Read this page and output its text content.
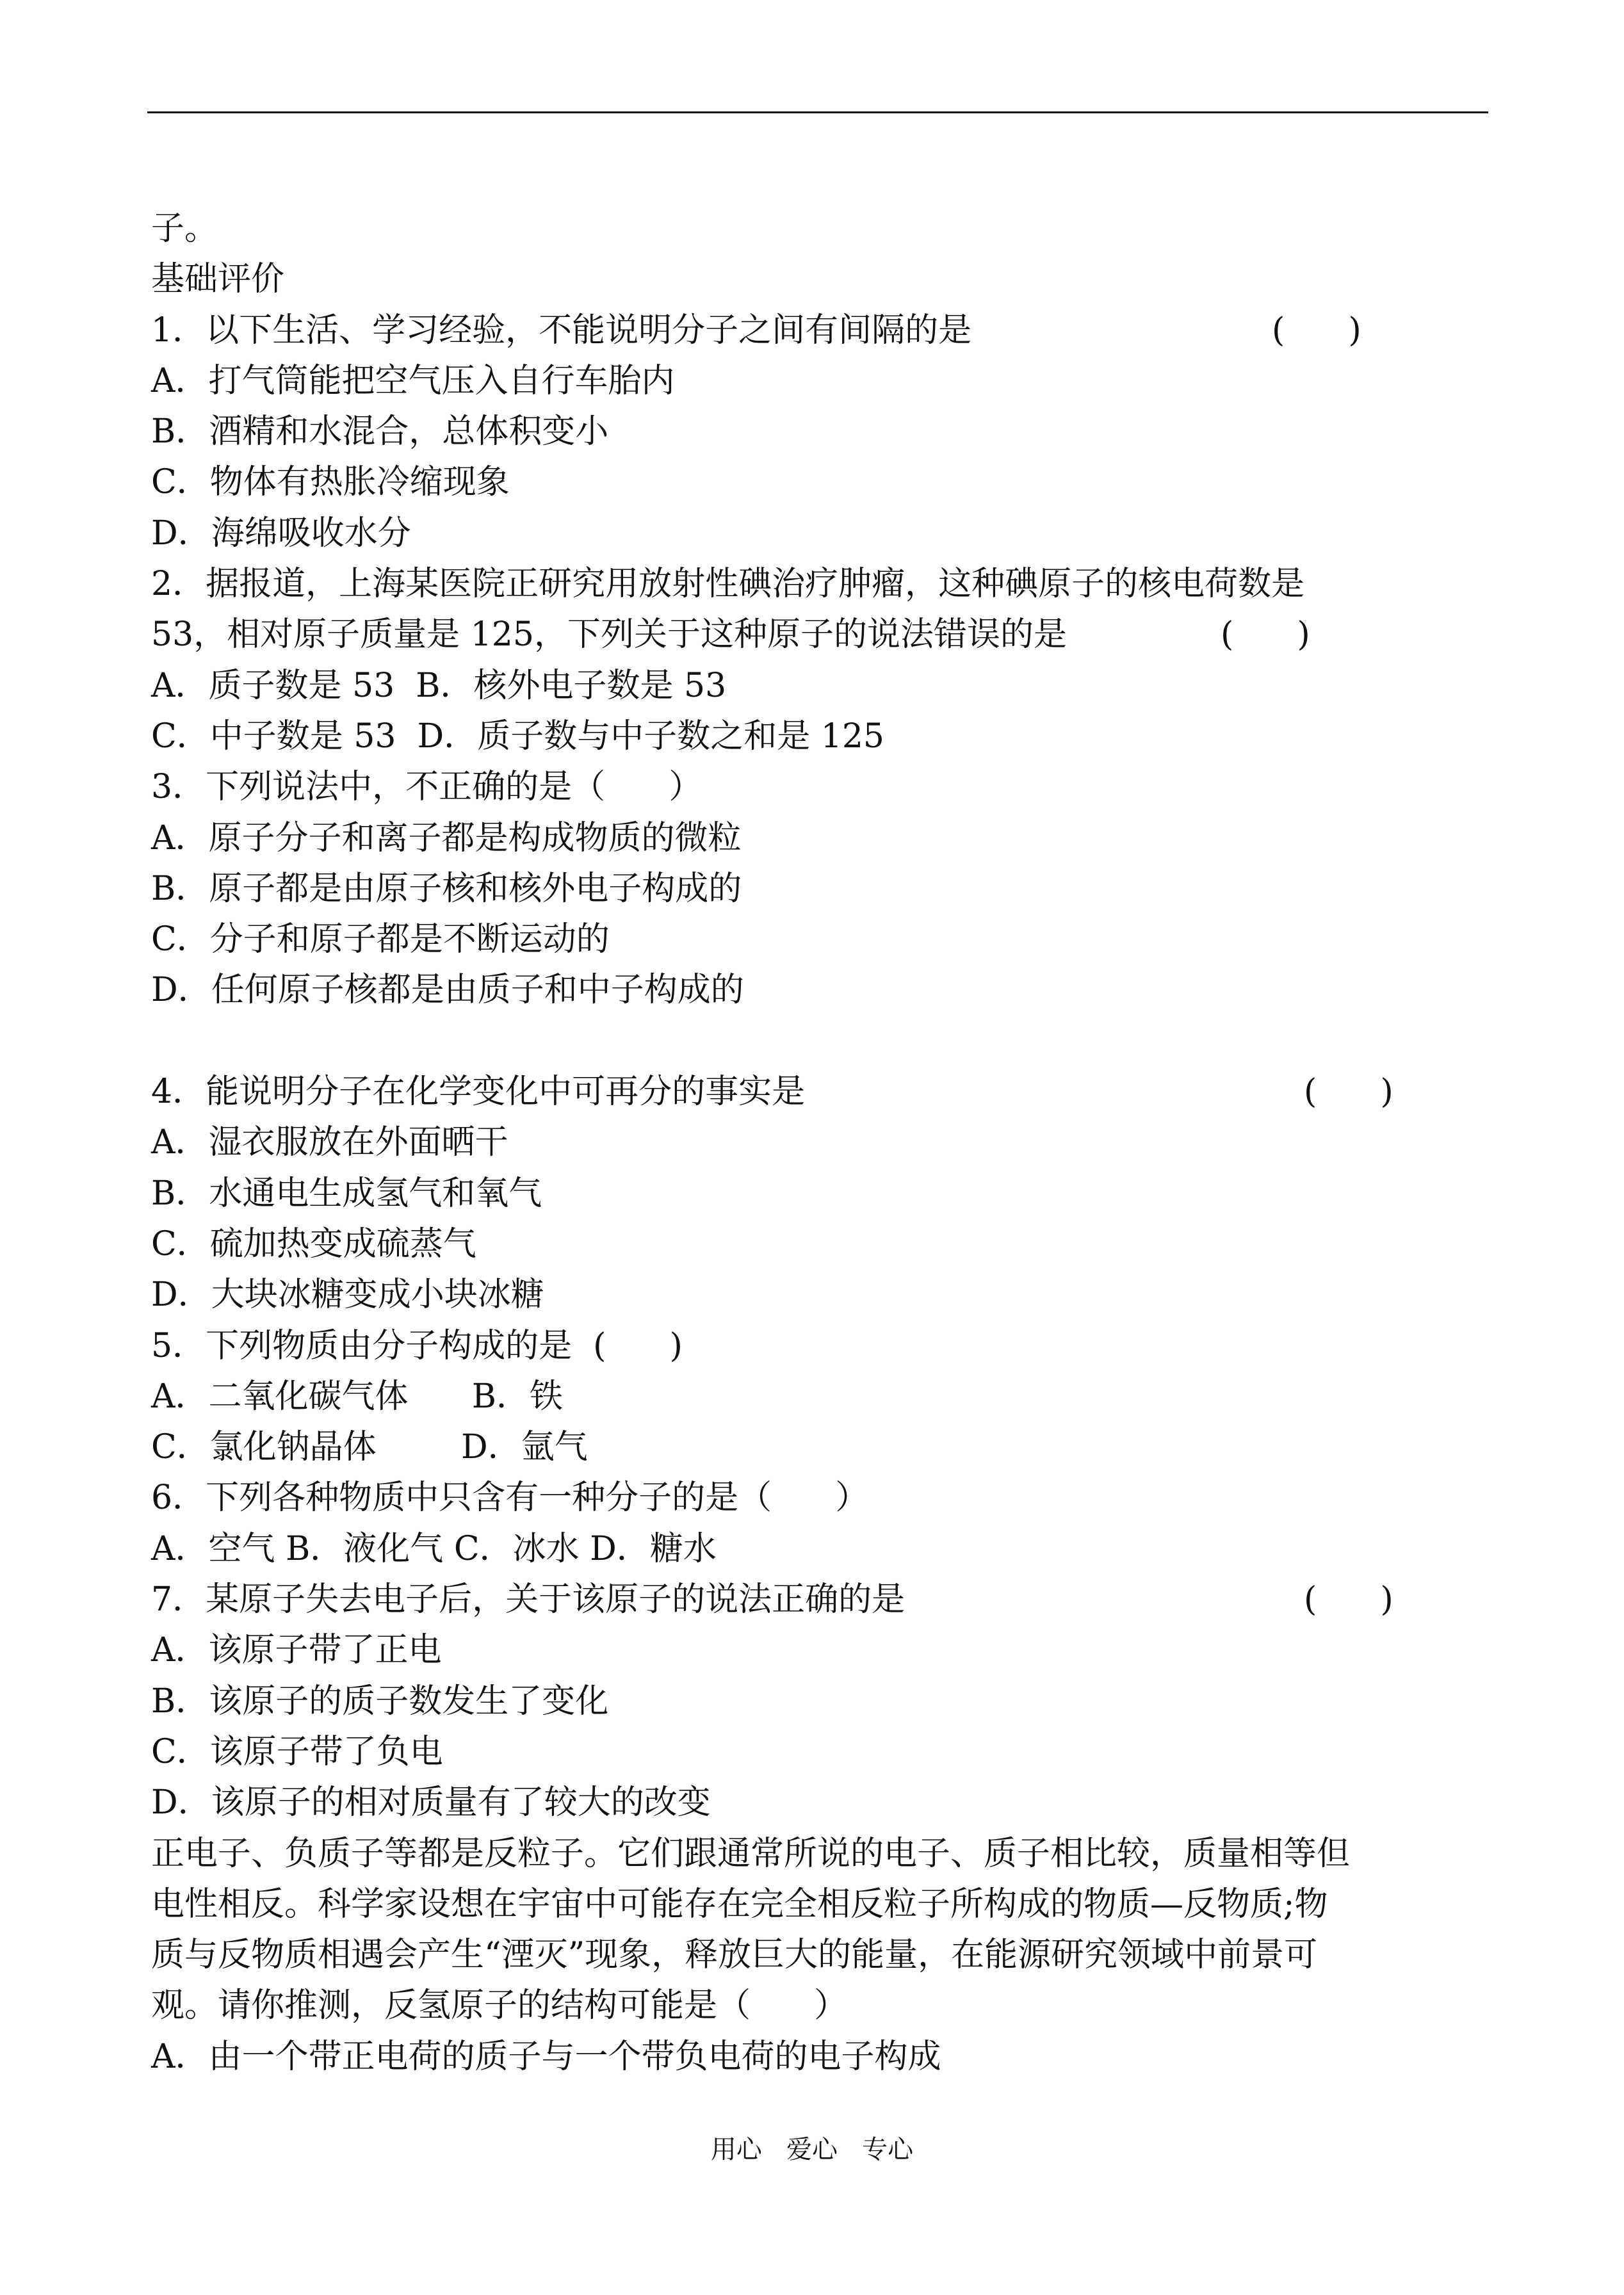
子。
基础评价
1．以下生活、学习经验，不能说明分子之间有间隔的是	(      )
A．打气筒能把空气压入自行车胎内
B．酒精和水混合，总体积变小
C．物体有热胀冷缩现象
D．海绵吸收水分
2．据报道，上海某医院正研究用放射性碘治疗肿瘤，这种碘原子的核电荷数是
53，相对原子质量是 125，下列关于这种原子的说法错误的是	(      )
A．质子数是 53  B．核外电子数是 53
C．中子数是 53  D．质子数与中子数之和是 125
3．下列说法中，不正确的是（      ）
A．原子分子和离子都是构成物质的微粒
B．原子都是由原子核和核外电子构成的
C．分子和原子都是不断运动的
D．任何原子核都是由质子和中子构成的
4．能说明分子在化学变化中可再分的事实是	(      )
A．湿衣服放在外面晒干
B．水通电生成氢气和氧气
C．硫加热变成硫蒸气
D．大块冰糖变成小块冰糖
5．下列物质由分子构成的是  (      )
A．二氧化碳气体      B．铁
C．氯化钠晶体        D．氩气
6．下列各种物质中只含有一种分子的是（      ）
A．空气 B．液化气 C．冰水 D．糖水
7．某原子失去电子后，关于该原子的说法正确的是	(      )
A．该原子带了正电
B．该原子的质子数发生了变化
C．该原子带了负电
D．该原子的相对质量有了较大的改变
正电子、负质子等都是反粒子。它们跟通常所说的电子、质子相比较，质量相等但
电性相反。科学家设想在宇宙中可能存在完全相反粒子所构成的物质—反物质;物
质与反物质相遇会产生“湮灭”现象，释放巨大的能量，在能源研究领域中前景可
观。请你推测，反氢原子的结构可能是（      ）
A．由一个带正电荷的质子与一个带负电荷的电子构成
用心   爱心   专心
